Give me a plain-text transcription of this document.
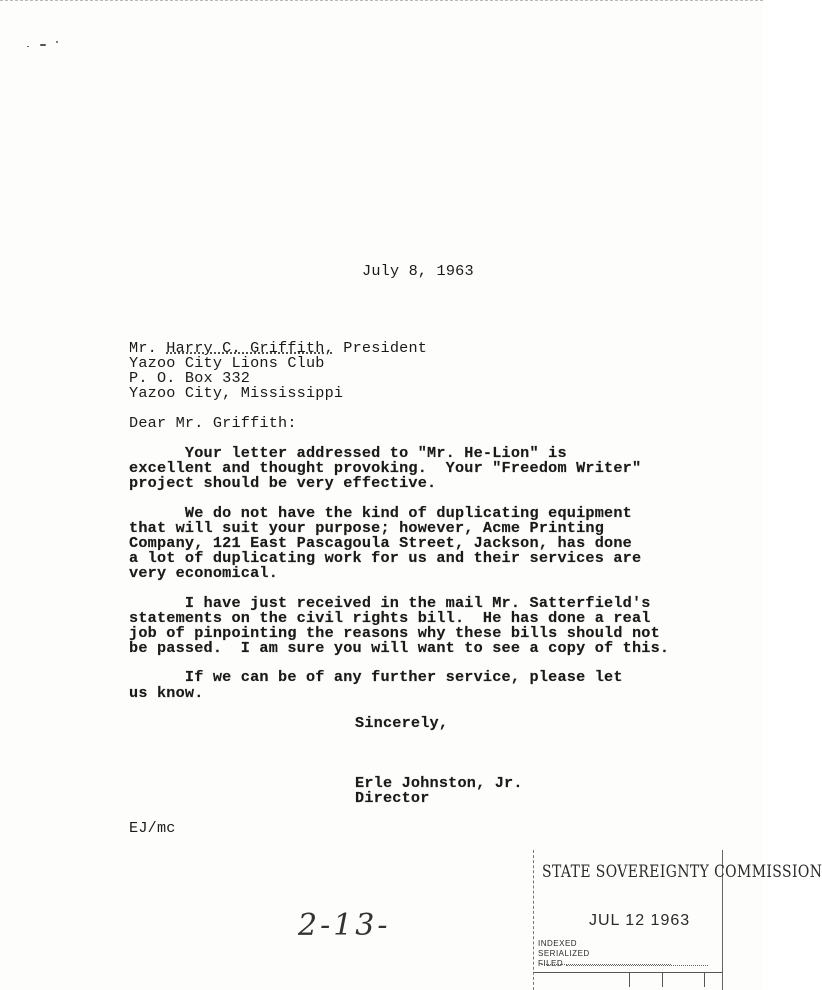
July 8, 1963
Mr. Harry C. Griffith, President
Yazoo City Lions Club
P. O. Box 332
Yazoo City, Mississippi
Dear Mr. Griffith:
Your letter addressed to "Mr. He-Lion" is
excellent and thought provoking.  Your "Freedom Writer"
project should be very effective.
We do not have the kind of duplicating equipment
that will suit your purpose; however, Acme Printing
Company, 121 East Pascagoula Street, Jackson, has done
a lot of duplicating work for us and their services are
very economical.
I have just received in the mail Mr. Satterfield's
statements on the civil rights bill.  He has done a real
job of pinpointing the reasons why these bills should not
be passed.  I am sure you will want to see a copy of this.
If we can be of any further service, please let
us know.
Sincerely,
Erle Johnston, Jr.
Director
EJ/mc
2-13-
STATE SOVEREIGNTY COMMISSION
JUL 12 1963
INDEXED
SERIALIZED
FILED
